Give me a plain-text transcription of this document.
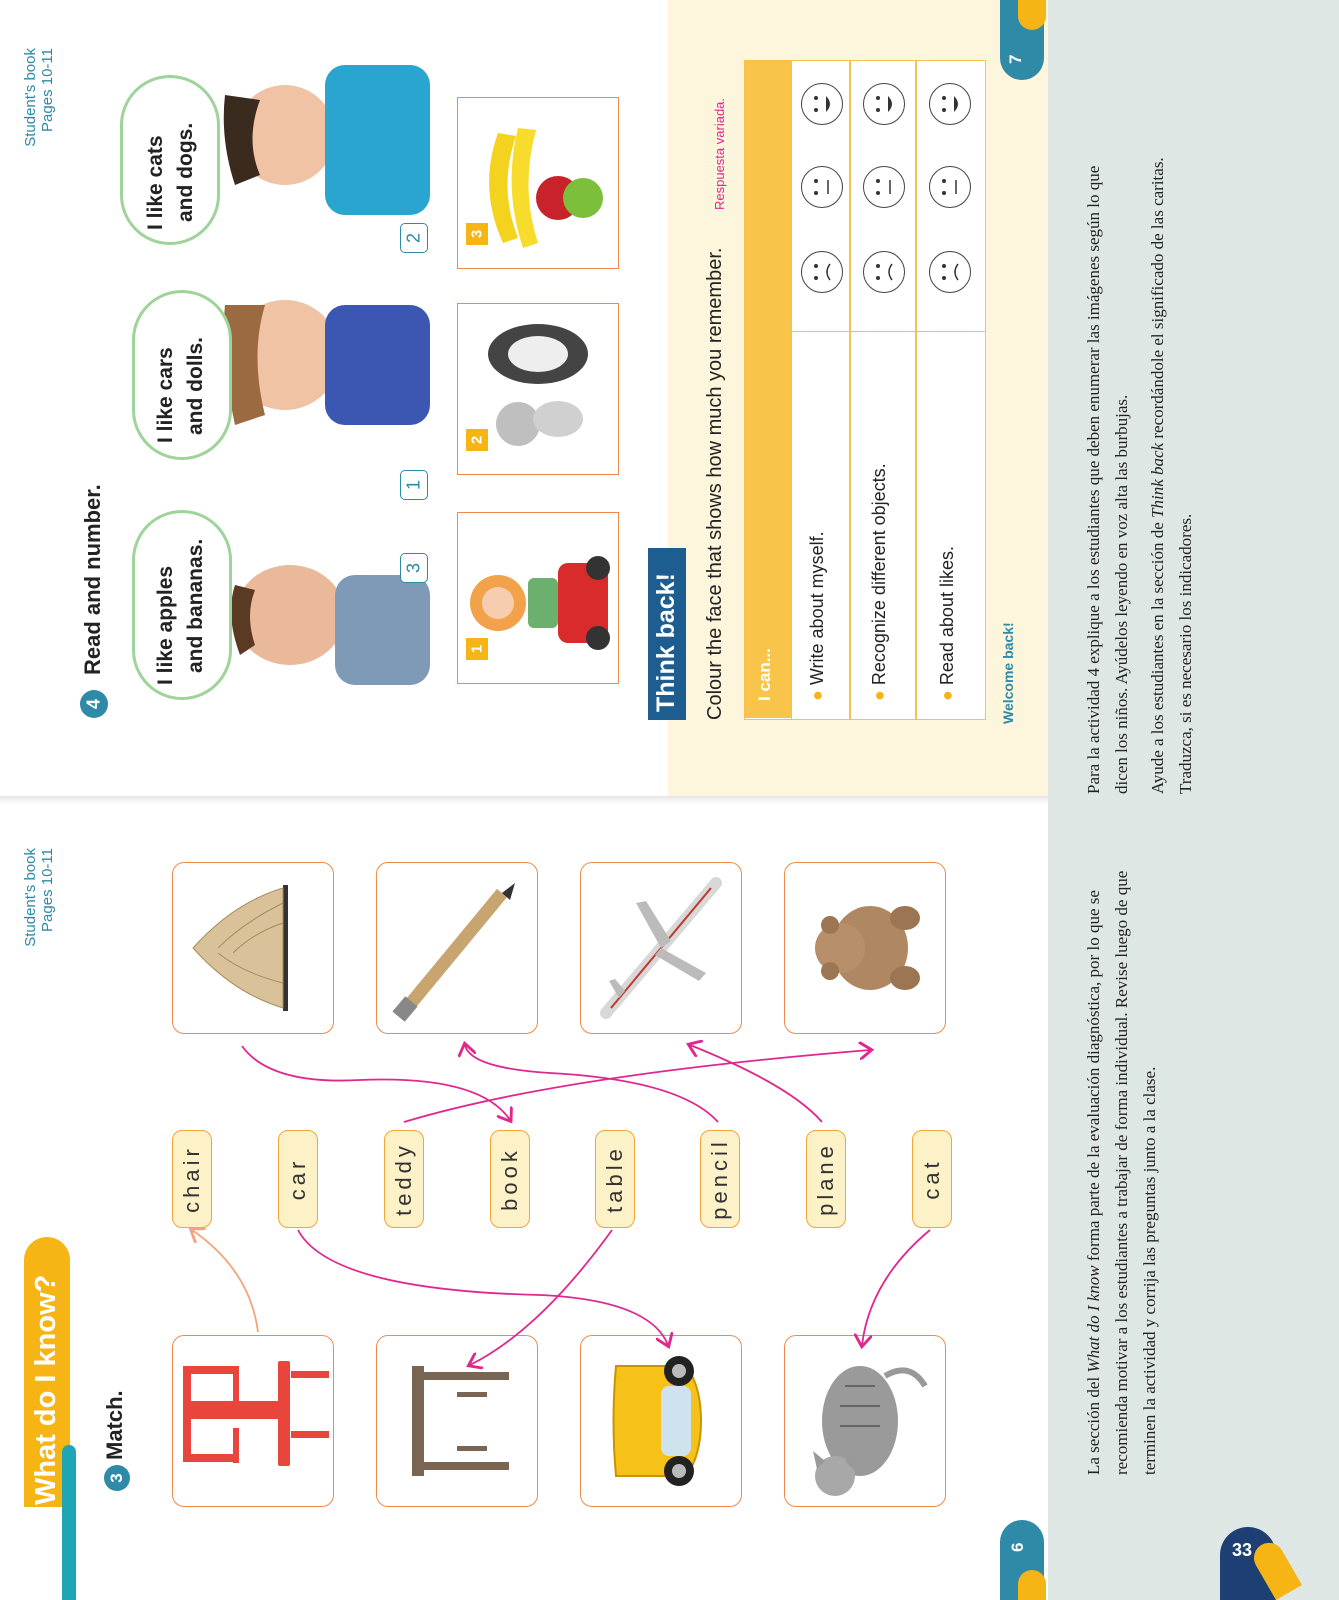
Student's book Pages 10-11
What do I know?	3
Match.
chair	car	teddy	book	table	pencil	plane	cat
Student's book Pages 10-11
4
Read and number. I like apples and bananas.
I like cars and dolls.
I like cats and dogs.
3
1
2
1
2
3
Think back! Colour the face that shows how much you remember.
Respuesta variada.
I can... ● Write about myself.
● Recognize different objects.
● Read about likes.	Welcome back!
7
6
La sección del What do I know forma parte de la evaluación diagnóstica, por lo que se recomienda motivar a los estudiantes a trabajar de forma individual. Revise luego de que terminen la actividad y corrija las preguntas junto a la clase.

Para la actividad 4 explique a los estudiantes que deben enumerar las imágenes según lo que dicen los niños. Ayúdelos leyendo en voz alta las burbujas. Ayude a los estudiantes en la sección de Think back recordándole el significado de las caritas. Traduzca, si es necesario los indicadores.

33
